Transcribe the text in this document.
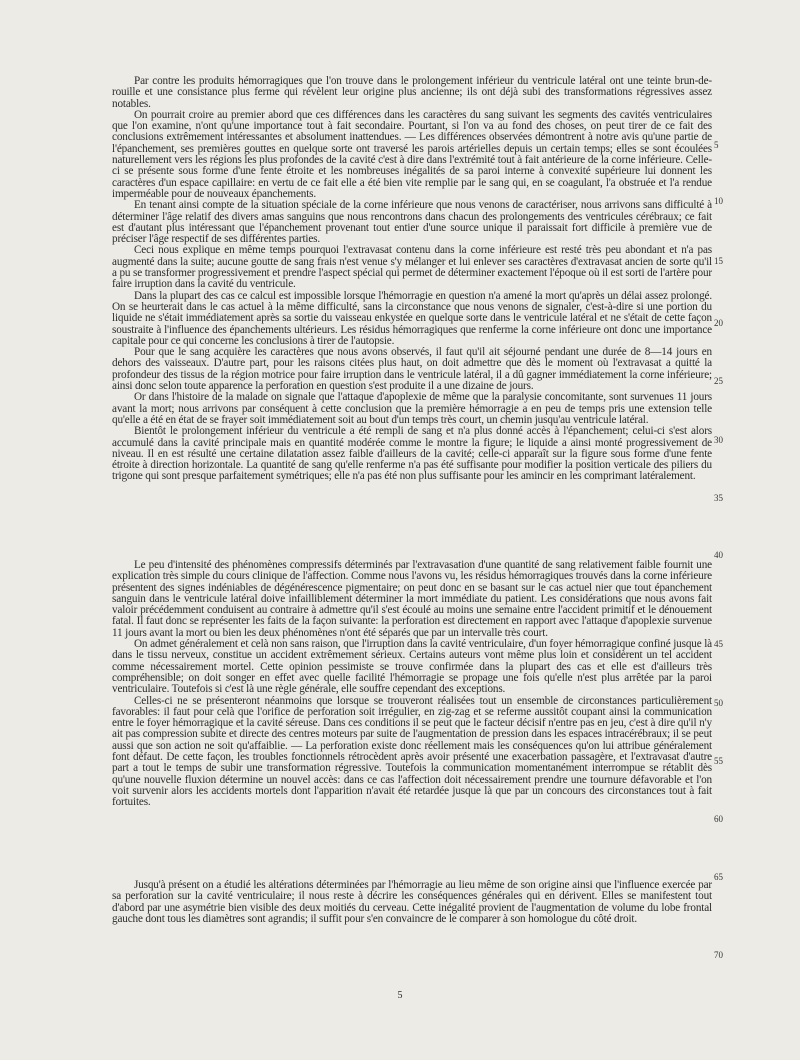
Par contre les produits hémorragiques que l'on trouve dans le prolongement inférieur du ventricule latéral ont une teinte brun-de-rouille et une consistance plus ferme qui révèlent leur origine plus ancienne; ils ont déjà subi des transformations régressives assez notables.

On pourrait croire au premier abord que ces différences dans les caractères du sang suivant les segments des cavités ventriculaires que l'on examine, n'ont qu'une importance tout à fait secondaire. Pourtant, si l'on va au fond des choses, on peut tirer de ce fait des conclusions extrêmement intéressantes et absolument inattendues. — Les différences observées démontrent à notre avis qu'une partie de l'épanchement, ses premières gouttes en quelque sorte ont traversé les parois artérielles depuis un certain temps; elles se sont écoulées naturellement vers les régions les plus profondes de la cavité c'est à dire dans l'extrémité tout à fait antérieure de la corne inférieure. Celle-ci se présente sous forme d'une fente étroite et les nombreuses inégalités de sa paroi interne à convexité supérieure lui donnent les caractères d'un espace capillaire: en vertu de ce fait elle a été bien vite remplie par le sang qui, en se coagulant, l'a obstruée et l'a rendue imperméable pour de nouveaux épanchements.

En tenant ainsi compte de la situation spéciale de la corne inférieure que nous venons de caractériser, nous arrivons sans difficulté à déterminer l'âge relatif des divers amas sanguins que nous rencontrons dans chacun des prolongements des ventricules cérébraux; ce fait est d'autant plus intéressant que l'épanchement provenant tout entier d'une source unique il paraissait fort difficile à première vue de préciser l'âge respectif de ses différentes parties.

Ceci nous explique en même temps pourquoi l'extravasat contenu dans la corne inférieure est resté très peu abondant et n'a pas augmenté dans la suite; aucune goutte de sang frais n'est venue s'y mélanger et lui enlever ses caractères d'extravasat ancien de sorte qu'il a pu se transformer progressivement et prendre l'aspect spécial qui permet de déterminer exactement l'époque où il est sorti de l'artère pour faire irruption dans la cavité du ventricule.

Dans la plupart des cas ce calcul est impossible lorsque l'hémorragie en question n'a amené la mort qu'après un délai assez prolongé. On se heurterait dans le cas actuel à la même difficulté, sans la circonstance que nous venons de signaler, c'est-à-dire si une portion du liquide ne s'était immédiatement après sa sortie du vaisseau enkystée en quelque sorte dans le ventricule latéral et ne s'était de cette façon soustraite à l'influence des épanchements ultérieurs. Les résidus hémorragiques que renferme la corne inférieure ont donc une importance capitale pour ce qui concerne les conclusions à tirer de l'autopsie.

Pour que le sang acquière les caractères que nous avons observés, il faut qu'il ait séjourné pendant une durée de 8—14 jours en dehors des vaisseaux. D'autre part, pour les raisons citées plus haut, on doit admettre que dès le moment où l'extravasat a quitté la profondeur des tissus de la région motrice pour faire irruption dans le ventricule latéral, il a dû gagner immédiatement la corne inférieure; ainsi donc selon toute apparence la perforation en question s'est produite il a une dizaine de jours.

Or dans l'histoire de la malade on signale que l'attaque d'apoplexie de même que la paralysie concomitante, sont survenues 11 jours avant la mort; nous arrivons par conséquent à cette conclusion que la première hémorragie a en peu de temps pris une extension telle qu'elle a été en état de se frayer soit immédiatement soit au bout d'un temps très court, un chemin jusqu'au ventricule latéral.

Bientôt le prolongement inférieur du ventricule a été rempli de sang et n'a plus donné accès à l'épanchement; celui-ci s'est alors accumulé dans la cavité principale mais en quantité modérée comme le montre la figure; le liquide a ainsi monté progressivement de niveau. Il en est résulté une certaine dilatation assez faible d'ailleurs de la cavité; celle-ci apparaît sur la figure sous forme d'une fente étroite à direction horizontale. La quantité de sang qu'elle renferme n'a pas été suffisante pour modifier la position verticale des piliers du trigone qui sont presque parfaitement symétriques; elle n'a pas été non plus suffisante pour les amincir en les comprimant latéralement.

Le peu d'intensité des phénomènes compressifs déterminés par l'extravasation d'une quantité de sang relativement faible fournit une explication très simple du cours clinique de l'affection. Comme nous l'avons vu, les résidus hémorragiques trouvés dans la corne inférieure présentent des signes indéniables de dégénérescence pigmentaire; on peut donc en se basant sur le cas actuel nier que tout épanchement sanguin dans le ventricule latéral doive infailliblement déterminer la mort immédiate du patient. Les considérations que nous avons fait valoir précédemment conduisent au contraire à admettre qu'il s'est écoulé au moins une semaine entre l'accident primitif et le dénouement fatal. Il faut donc se représenter les faits de la façon suivante: la perforation est directement en rapport avec l'attaque d'apoplexie survenue 11 jours avant la mort ou bien les deux phénomènes n'ont été séparés que par un intervalle très court.

On admet généralement et celà non sans raison, que l'irruption dans la cavité ventriculaire, d'un foyer hémorragique confiné jusque là dans le tissu nerveux, constitue un accident extrêmement sérieux. Certains auteurs vont même plus loin et considèrent un tel accident comme nécessairement mortel. Cette opinion pessimiste se trouve confirmée dans la plupart des cas et elle est d'ailleurs très compréhensible; on doit songer en effet avec quelle facilité l'hémorragie se propage une fois qu'elle n'est plus arrêtée par la paroi ventriculaire. Toutefois si c'est là une règle générale, elle souffre cependant des exceptions.

Celles-ci ne se présenteront néanmoins que lorsque se trouveront réalisées tout un ensemble de circonstances particulièrement favorables: il faut pour celà que l'orifice de perforation soit irrégulier, en zig-zag et se referme aussitôt coupant ainsi la communication entre le foyer hémorragique et la cavité séreuse. Dans ces conditions il se peut que le facteur décisif n'entre pas en jeu, c'est à dire qu'il n'y ait pas compression subite et directe des centres moteurs par suite de l'augmentation de pression dans les espaces intracérébraux; il se peut aussi que son action ne soit qu'affaiblie. — La perforation existe donc réellement mais les conséquences qu'on lui attribue généralement font défaut. De cette façon, les troubles fonctionnels rétrocèdent après avoir présenté une exacerbation passagère, et l'extravasat d'autre part a tout le temps de subir une transformation régressive. Toutefois la communication momentanément interrompue se rétablit dès qu'une nouvelle fluxion détermine un nouvel accès: dans ce cas l'affection doit nécessairement prendre une tournure défavorable et l'on voit survenir alors les accidents mortels dont l'apparition n'avait été retardée jusque là que par un concours des circonstances tout à fait fortuites.

Jusqu'à présent on a étudié les altérations déterminées par l'hémorragie au lieu même de son origine ainsi que l'influence exercée par sa perforation sur la cavité ventriculaire; il nous reste à décrire les conséquences générales qui en dérivent. Elles se manifestent tout d'abord par une asymétrie bien visible des deux moitiés du cerveau. Cette inégalité provient de l'augmentation de volume du lobe frontal gauche dont tous les diamètres sont agrandis; il suffit pour s'en convaincre de le comparer à son homologue du côté droit.

5
10
15
20
25
30
35
40
45
50
55
60
65
70
5
